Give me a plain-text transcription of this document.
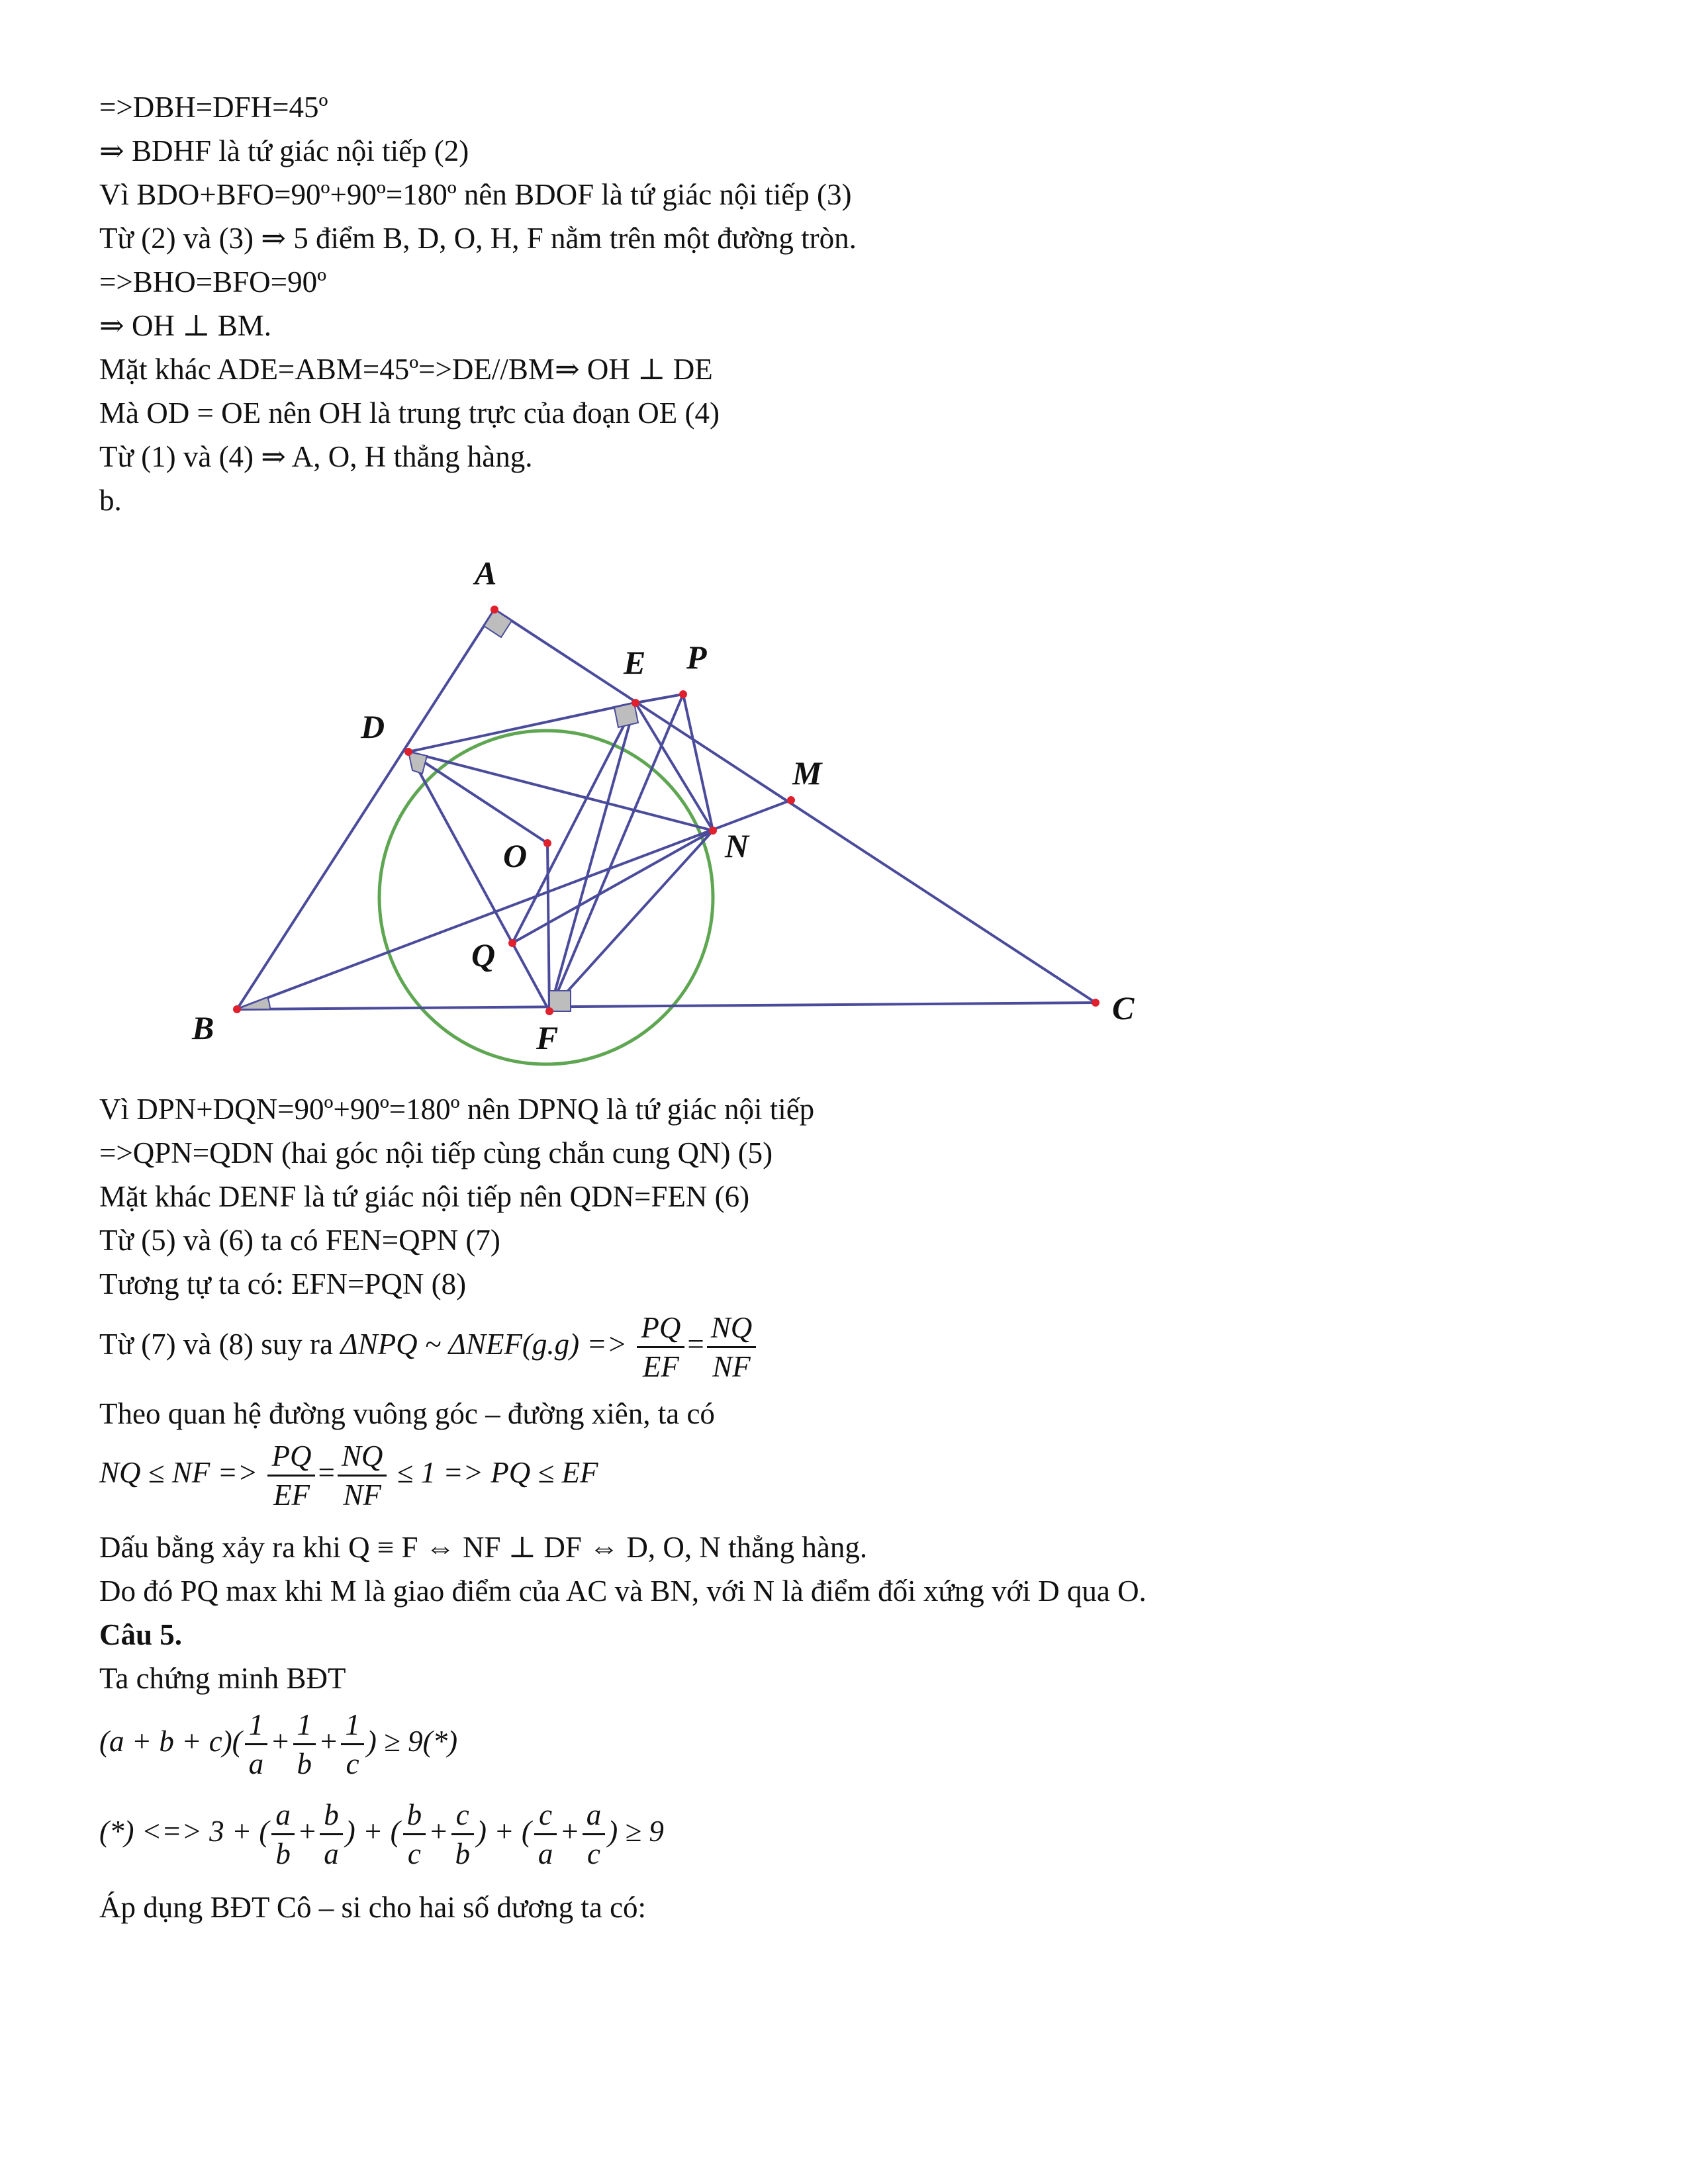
=>DBH=DFH=45º
⇒ BDHF là tứ giác nội tiếp (2)
Vì BDO+BFO=90º+90º=180º nên BDOF là tứ giác nội tiếp (3)
Từ (2) và (3) ⇒ 5 điểm B, D, O, H, F nằm trên một đường tròn.
=>BHO=BFO=90º
⇒ OH ⊥ BM.
Mặt khác ADE=ABM=45º=>DE//BM⇒ OH ⊥ DE
Mà OD = OE nên OH là trung trực của đoạn OE (4)
Từ (1) và (4) ⇒ A, O, H thẳng hàng.
b.
A
B
C
D
E
F
M
N
O
P
Q
Vì DPN+DQN=90º+90º=180º nên DPNQ là tứ giác nội tiếp
=>QPN=QDN (hai góc nội tiếp cùng chắn cung QN) (5)
Mặt khác DENF là tứ giác nội tiếp nên QDN=FEN (6)
Từ (5) và (6) ta có FEN=QPN (7)
Tương tự ta có: EFN=PQN (8)
Từ (7) và (8) suy ra ΔNPQ ~ $\Delta NEF(g.g) => \frac{PQ}{EF} = \frac{NQ}{NF}$
Theo quan hệ đường vuông góc – đường xiên, ta có
NQ ≤ NF => $\frac{PQ}{EF} = \frac{NQ}{NF} \le 1$ => PQ ≤ EF
Dấu bằng xảy ra khi Q ≡ F ⇔ NF ⊥ DF ⇔ D, O, N thẳng hàng.
Do đó PQ max khi M là giao điểm của AC và BN, với N là điểm đối xứng với D qua O.
Câu 5.
Ta chứng minh BĐT
$(a + b + c)( \frac{1}{a} + \frac{1}{b} + \frac{1}{c}$ ) ≥ 9(*)
(*) <=> 3 + ( $\frac{a}{b} + \frac{b}{a}$ ) + ( $\frac{b}{c} + \frac{c}{b}$ ) + ( $\frac{c}{a} + \frac{a}{c}$ ) ≥ 9
Áp dụng BĐT Cô – si cho hai số dương ta có:
